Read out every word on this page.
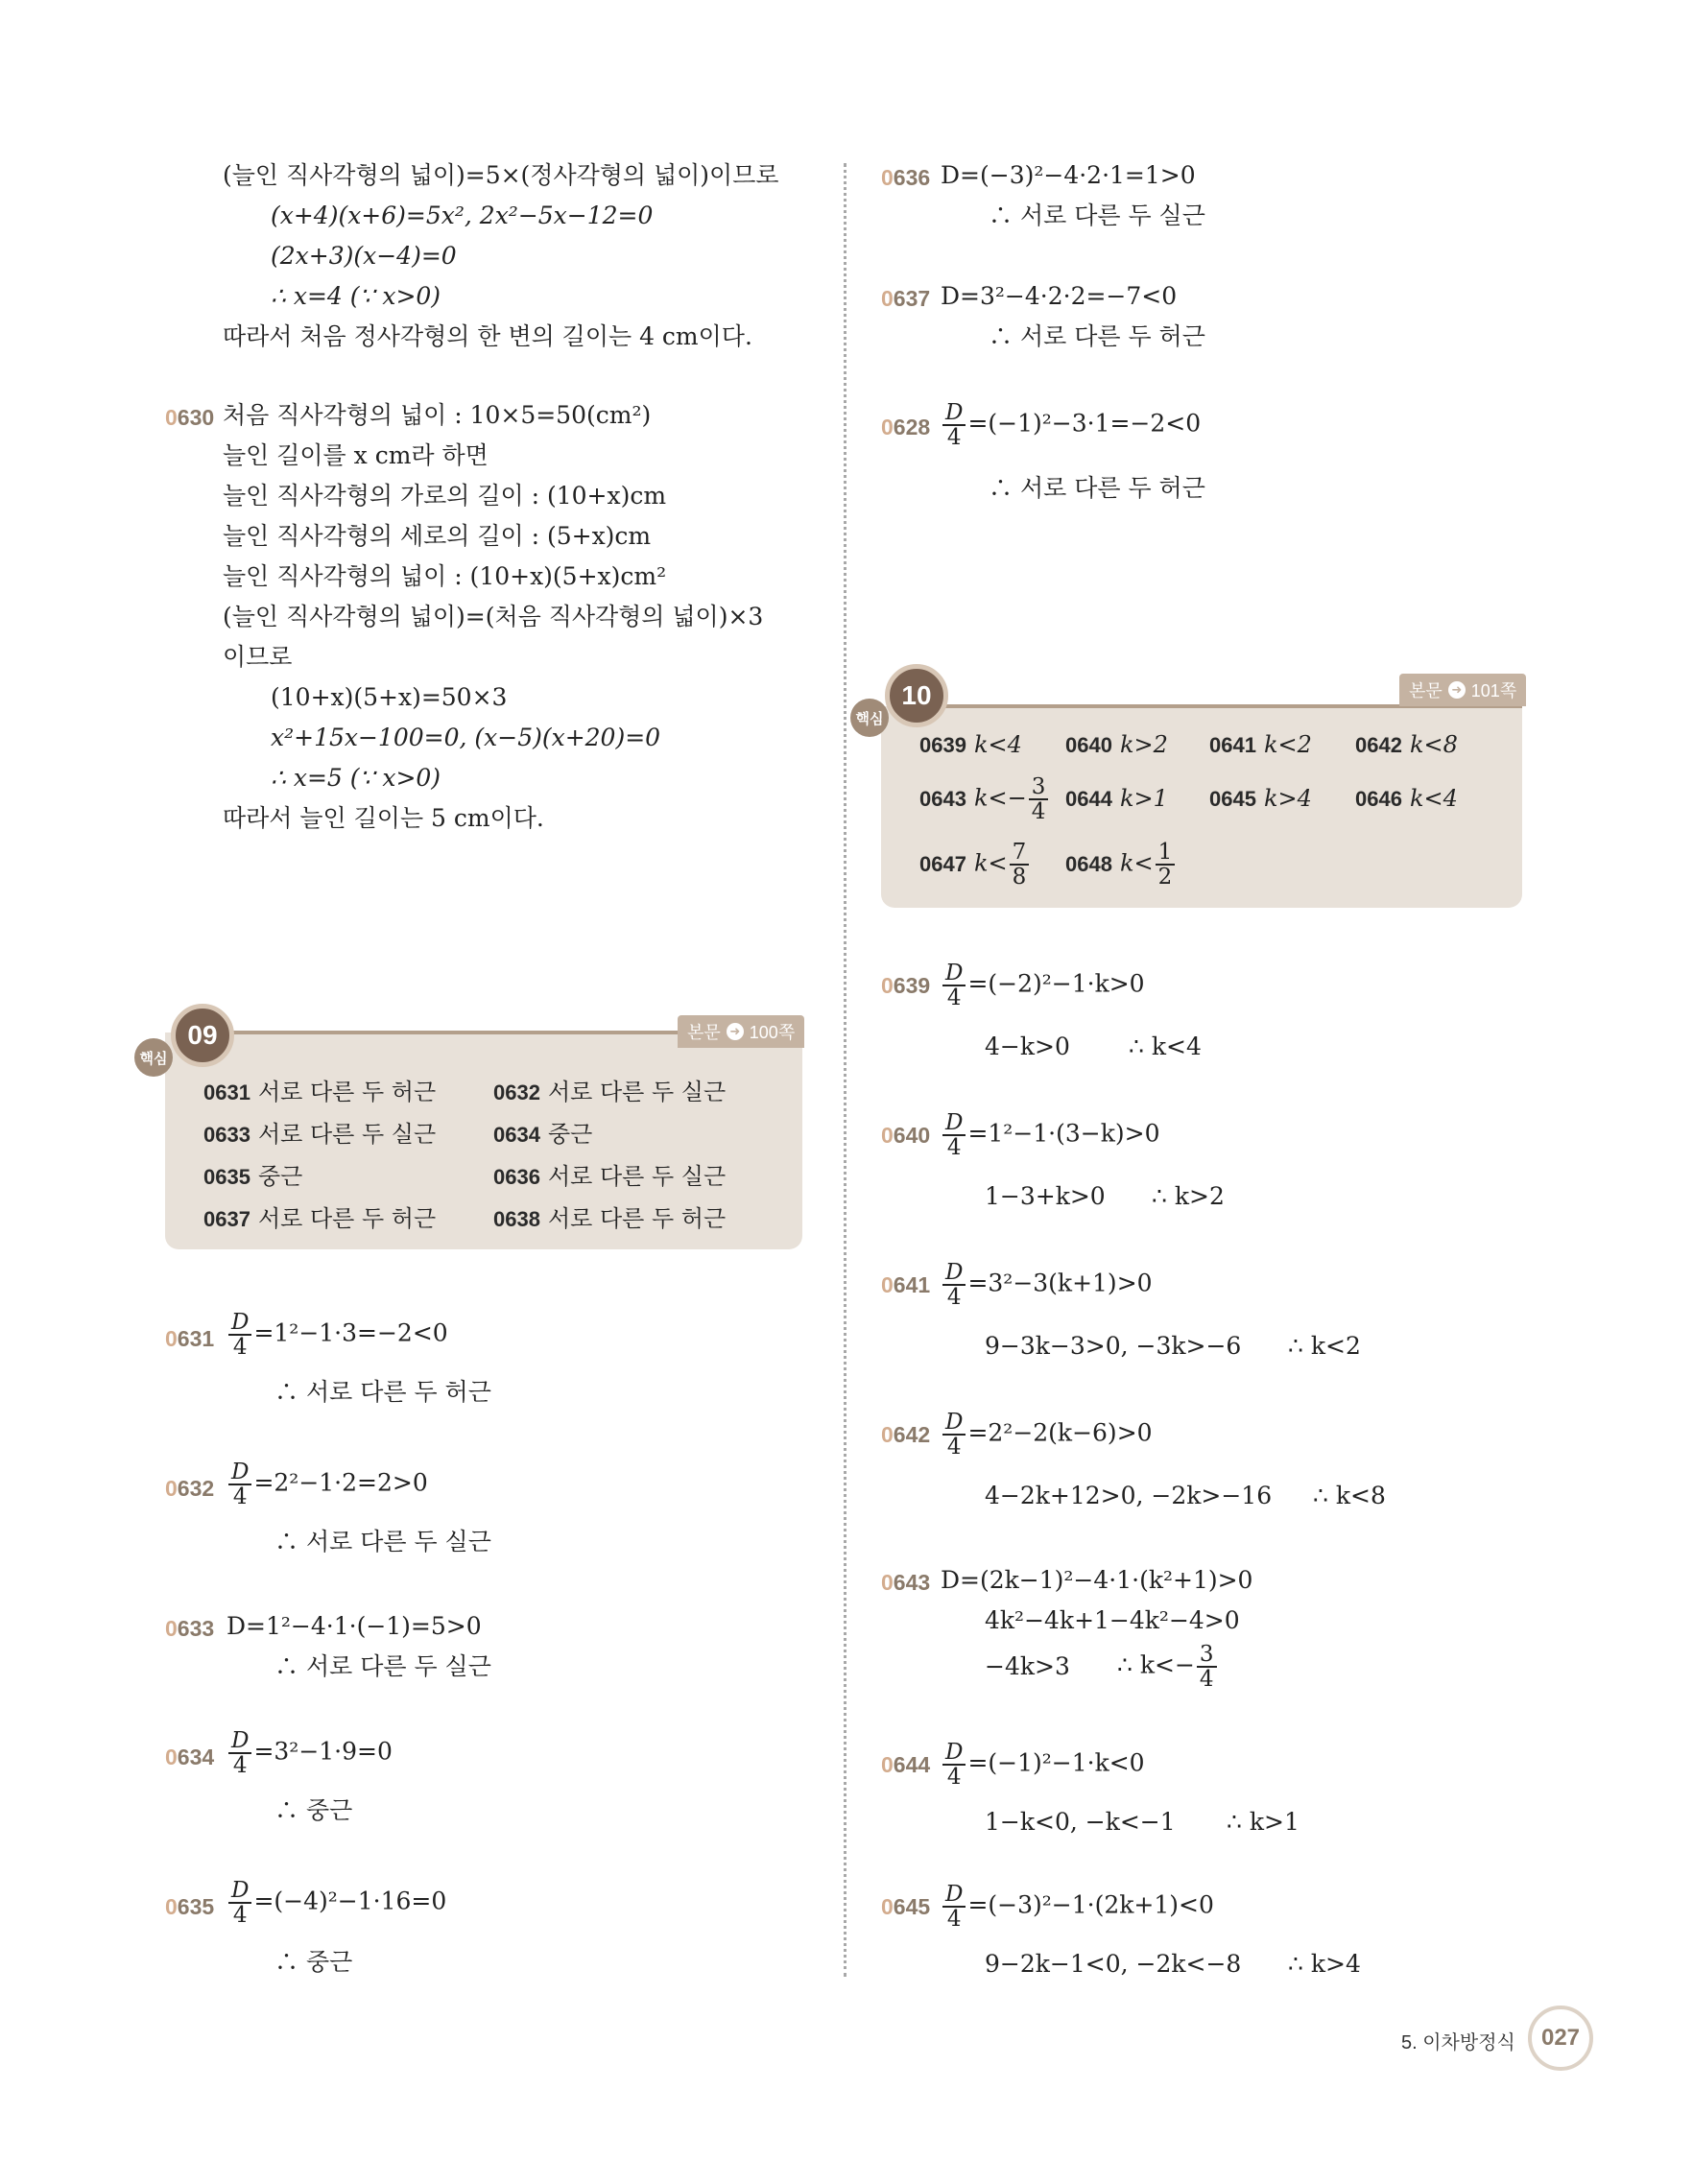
(늘인 직사각형의 넓이)=5×(정사각형의 넓이)이므로
(x+4)(x+6)=5x², 2x²−5x−12=0
(2x+3)(x−4)=0
∴ x=4 (∵ x>0)
따라서 처음 정사각형의 한 변의 길이는 4 cm이다.
0630 처음 직사각형의 넓이 : 10×5=50(cm²)
늘인 길이를 x cm라 하면
늘인 직사각형의 가로의 길이 : (10+x)cm
늘인 직사각형의 세로의 길이 : (5+x)cm
늘인 직사각형의 넓이 : (10+x)(5+x)cm²
(늘인 직사각형의 넓이)=(처음 직사각형의 넓이)×3
이므로
(10+x)(5+x)=50×3
x²+15x−100=0, (x−5)(x+20)=0
∴ x=5 (∵ x>0)
따라서 늘인 길이는 5 cm이다.
09
핵심
본문 ➜ 100쪽
0631 서로 다른 두 허근	0632 서로 다른 두 실근
0633 서로 다른 두 실근	0634 중근
0635 중근	0636 서로 다른 두 실근
0637 서로 다른 두 허근	0638 서로 다른 두 허근
$0631 \frac{D}{4} =1^2-1\cdot 3=-2<0$
∴ 서로 다른 두 허근
$0632 \frac{D}{4} =2^2-1\cdot 2=2>0$
∴ 서로 다른 두 실근
0633 D=1²−4·1·(−1)=5>0
∴ 서로 다른 두 실근
$0634 \frac{D}{4} =3^2-1\cdot 9=0$
∴ 중근
$0635 \frac{D}{4} =(-4)^2-1\cdot 16=0$
∴ 중근
0636 D=(−3)²−4·2·1=1>0
∴ 서로 다른 두 실근
0637 D=3²−4·2·2=−7<0
∴ 서로 다른 두 허근
$0628 \frac{D}{4} =(-1)^2-3\cdot 1=-2<0$
∴ 서로 다른 두 허근
10
핵심
본문 ➜ 101쪽
0639 k<4 0640 k>2 0641 k<2 0642 k<8
0643 $k<- \frac{3}{4} 0644$ k>1 0645 k>4 0646 k<4
0647 $k< \frac{7}{8} 0648$ $k< \frac{1}{2}$
$0639 \frac{D}{4} =(-2)^2-1\cdot k>0$
4−k>0 ∴ k<4
$0640 \frac{D}{4} =1^2-1\cdot(3-k)>0$
1−3+k>0 ∴ k>2
$0641 \frac{D}{4} =3^2-3(k+1)>0$
9−3k−3>0, −3k>−6 ∴ k<2
$0642 \frac{D}{4} =2^2-2(k-6)>0$
4−2k+12>0, −2k>−16 ∴ k<8
0643 D=(2k−1)²−4·1·(k²+1)>0
4k²−4k+1−4k²−4>0
−4k>3 ∴ $k<- \frac{3}{4}$
$0644 \frac{D}{4} =(-1)^2-1\cdot k<0$
1−k<0, −k<−1 ∴ k>1
$0645 \frac{D}{4} =(-3)^2-1\cdot(2k+1)<0$
9−2k−1<0, −2k<−8 ∴ k>4
5. 이차방정식	027
